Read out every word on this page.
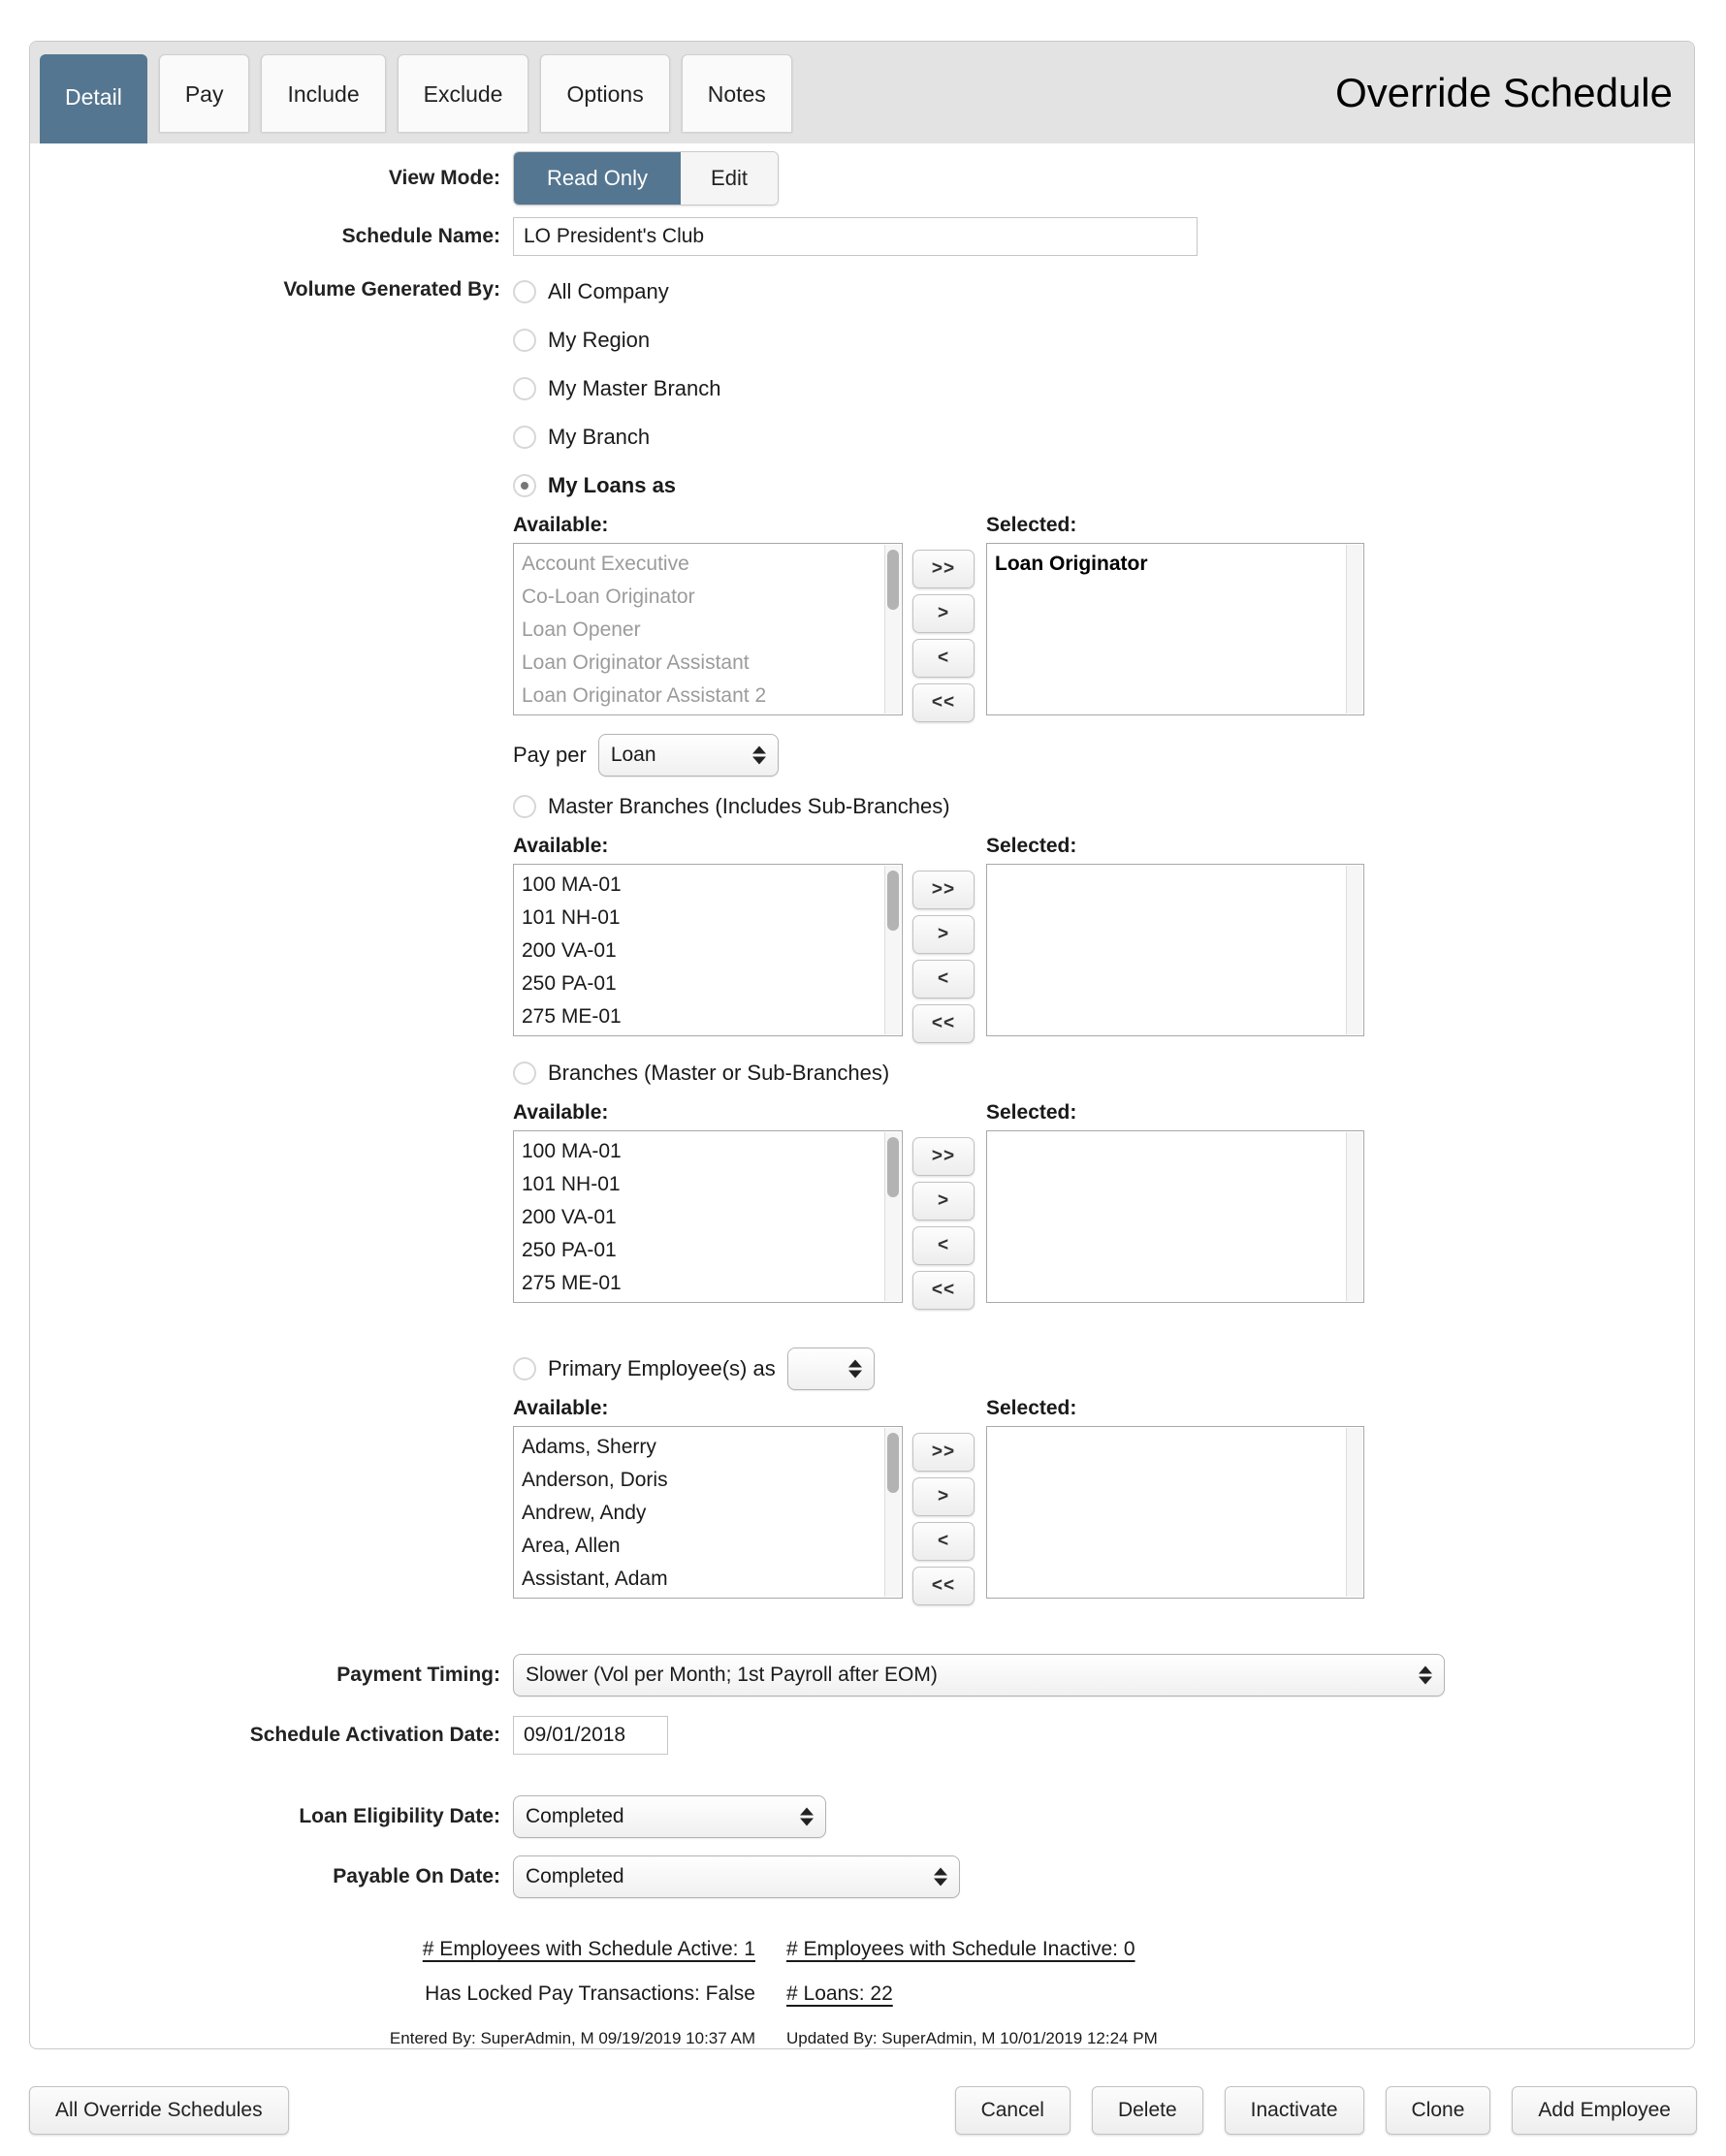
Detail	Pay	Include	Exclude	Options	Notes	Override Schedule
View Mode:	Read Only	Edit
Schedule Name:
LO President's Club
Volume Generated By:	All Company
My Region
My Master Branch
My Branch
My Loans as
Available:
Account Executive
Co-Loan Originator
Loan Opener
Loan Originator Assistant
Loan Originator Assistant 2
>>
>
<
<<
Selected:
Loan Originator
Pay per Loan
Master Branches (Includes Sub-Branches)
Available:
100 MA-01
101 NH-01
200 VA-01
250 PA-01
275 ME-01
>>
>
<
<<
Selected:
Branches (Master or Sub-Branches)
Available:
100 MA-01
101 NH-01
200 VA-01
250 PA-01
275 ME-01
>>
>
<
<<
Selected:
Primary Employee(s) as
Available:
Adams, Sherry
Anderson, Doris
Andrew, Andy
Area, Allen
Assistant, Adam
>>
>
<
<<
Selected:
Payment Timing:	Slower (Vol per Month; 1st Payroll after EOM)
Schedule Activation Date:
09/01/2018
Loan Eligibility Date:	Completed
Payable On Date:	Completed
# Employees with Schedule Active: 1 # Employees with Schedule Inactive: 0
Has Locked Pay Transactions: False # Loans: 22
Entered By: SuperAdmin, M 09/19/2019 10:37 AM Updated By: SuperAdmin, M 10/01/2019 12:24 PM
All Override Schedules	Cancel	Delete	Inactivate	Clone	Add Employee
